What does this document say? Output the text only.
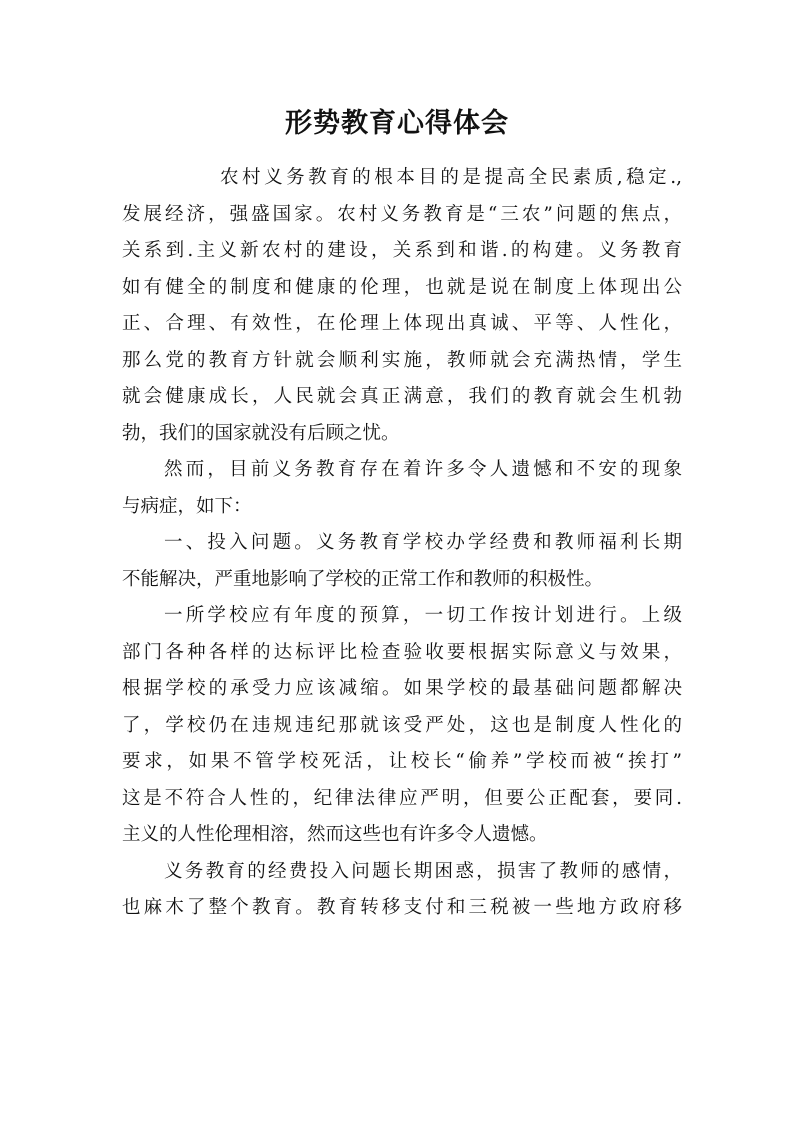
形势教育心得体会
农村义务教育的根本目的是提高全民素质,稳定.,
发展经济，强盛国家。农村义务教育是“三农”问题的焦点，
关系到.主义新农村的建设，关系到和谐.的构建。义务教育
如有健全的制度和健康的伦理，也就是说在制度上体现出公
正、合理、有效性，在伦理上体现出真诚、平等、人性化，
那么党的教育方针就会顺利实施，教师就会充满热情，学生
就会健康成长，人民就会真正满意，我们的教育就会生机勃
勃，我们的国家就没有后顾之忧。
然而，目前义务教育存在着许多令人遗憾和不安的现象
与病症，如下：
一、投入问题。义务教育学校办学经费和教师福利长期
不能解决，严重地影响了学校的正常工作和教师的积极性。
一所学校应有年度的预算，一切工作按计划进行。上级
部门各种各样的达标评比检查验收要根据实际意义与效果，
根据学校的承受力应该减缩。如果学校的最基础问题都解决
了，学校仍在违规违纪那就该受严处，这也是制度人性化的
要求，如果不管学校死活，让校长“偷养”学校而被“挨打”
这是不符合人性的，纪律法律应严明，但要公正配套，要同.
主义的人性伦理相溶，然而这些也有许多令人遗憾。
义务教育的经费投入问题长期困惑，损害了教师的感情，
也麻木了整个教育。教育转移支付和三税被一些地方政府移
